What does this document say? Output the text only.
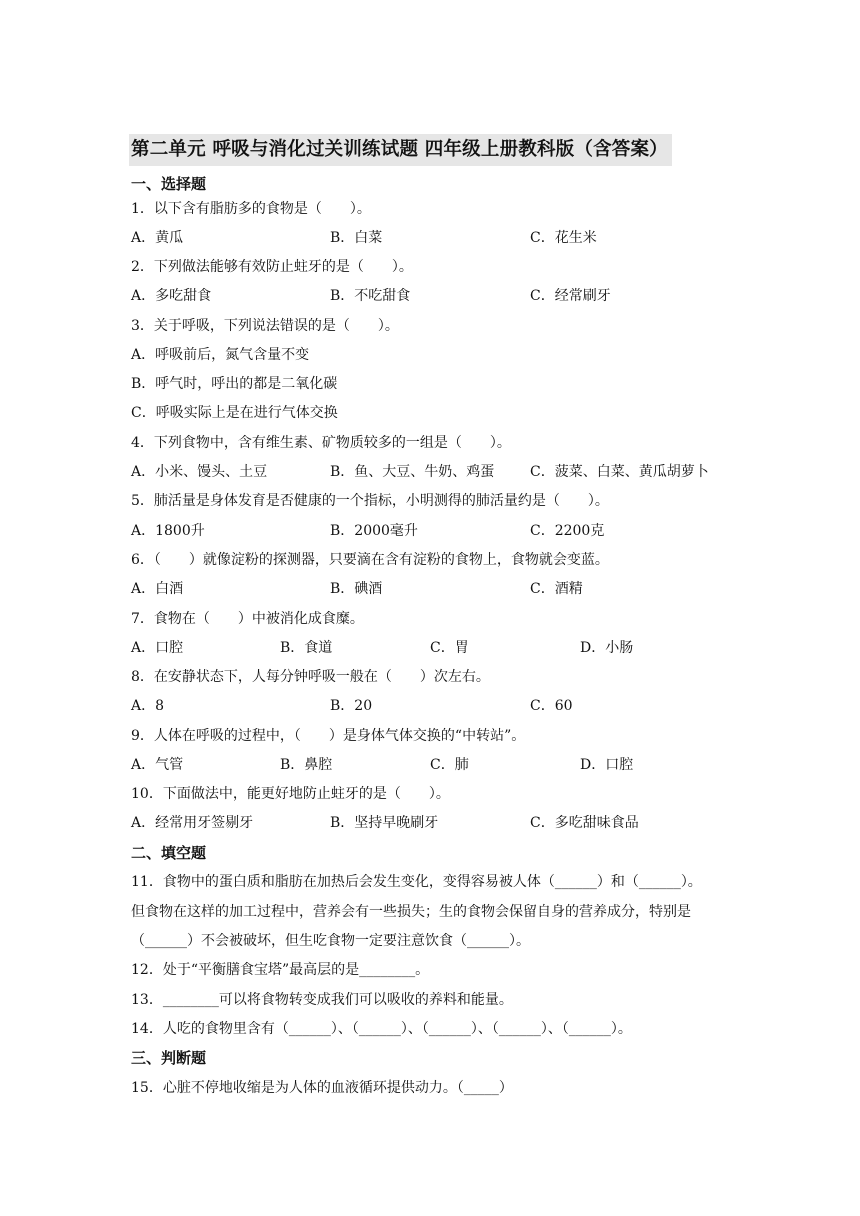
第二单元 呼吸与消化过关训练试题 四年级上册教科版（含答案）
一、选择题
1．以下含有脂肪多的食物是（　　）。
A．黄瓜	B．白菜	C．花生米
2．下列做法能够有效防止蛀牙的是（　　）。
A．多吃甜食	B．不吃甜食	C．经常刷牙
3．关于呼吸，下列说法错误的是（　　）。
A．呼吸前后，氮气含量不变
B．呼气时，呼出的都是二氧化碳
C．呼吸实际上是在进行气体交换
4．下列食物中，含有维生素、矿物质较多的一组是（　　）。
A．小米、馒头、土豆	B．鱼、大豆、牛奶、鸡蛋	C．菠菜、白菜、黄瓜胡萝卜
5．肺活量是身体发育是否健康的一个指标，小明测得的肺活量约是（　　）。
A．1800升	B．2000毫升	C．2200克
6．（　　）就像淀粉的探测器，只要滴在含有淀粉的食物上，食物就会变蓝。
A．白酒	B．碘酒	C．酒精
7．食物在（　　）中被消化成食糜。
A．口腔	B．食道	C．胃	D．小肠
8．在安静状态下，人每分钟呼吸一般在（　　）次左右。
A．8	B．20	C．60
9．人体在呼吸的过程中，（　　）是身体气体交换的“中转站”。
A．气管	B．鼻腔	C．肺	D．口腔
10．下面做法中，能更好地防止蛀牙的是（　　）。
A．经常用牙签剔牙	B．坚持早晚刷牙	C．多吃甜味食品
二、填空题
11．食物中的蛋白质和脂肪在加热后会发生变化，变得容易被人体（______）和（______）。
但食物在这样的加工过程中，营养会有一些损失；生的食物会保留自身的营养成分，特别是
（______）不会被破坏，但生吃食物一定要注意饮食（______）。
12．处于“平衡膳食宝塔”最高层的是________。
13．________可以将食物转变成我们可以吸收的养料和能量。
14．人吃的食物里含有（______）、（______）、（______）、（______）、（______）。
三、判断题
15．心脏不停地收缩是为人体的血液循环提供动力。（_____）
